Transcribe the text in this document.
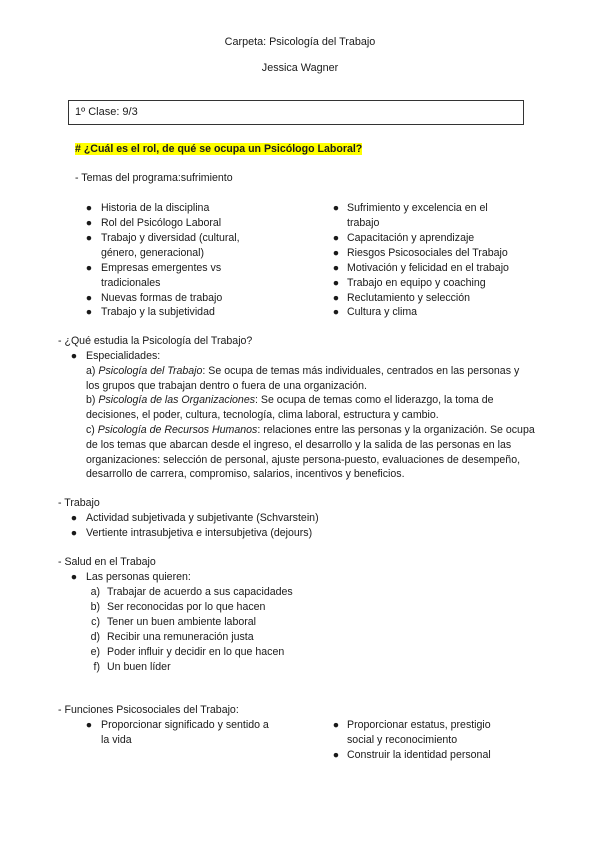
Carpeta: Psicología del Trabajo
Jessica Wagner
1º Clase: 9/3
# ¿Cuál es el rol, de qué se ocupa un Psicólogo Laboral?
- Temas del programa:sufrimiento
● Historia de la disciplina
● Rol del Psicólogo Laboral
● Trabajo y diversidad (cultural,
género, generacional)
● Empresas emergentes vs
tradicionales
● Nuevas formas de trabajo
● Trabajo y la subjetividad
● Sufrimiento y excelencia en el
trabajo
● Capacitación y aprendizaje
● Riesgos Psicosociales del Trabajo
● Motivación y felicidad en el trabajo
● Trabajo en equipo y coaching
● Reclutamiento y selección
● Cultura y clima
- ¿Qué estudia la Psicología del Trabajo?
● Especialidades:
a) Psicología del Trabajo: Se ocupa de temas más individuales, centrados en las personas y
los grupos que trabajan dentro o fuera de una organización.
b) Psicología de las Organizaciones: Se ocupa de temas como el liderazgo, la toma de
decisiones, el poder, cultura, tecnología, clima laboral, estructura y cambio.
c) Psicología de Recursos Humanos: relaciones entre las personas y la organización. Se ocupa
de los temas que abarcan desde el ingreso, el desarrollo y la salida de las personas en las
organizaciones: selección de personal, ajuste persona-puesto, evaluaciones de desempeño,
desarrollo de carrera, compromiso, salarios, incentivos y beneficios.
- Trabajo
● Actividad subjetivada y subjetivante (Schvarstein)
● Vertiente intrasubjetiva e intersubjetiva (dejours)
- Salud en el Trabajo
● Las personas quieren:
a) Trabajar de acuerdo a sus capacidades
b) Ser reconocidas por lo que hacen
c) Tener un buen ambiente laboral
d) Recibir una remuneración justa
e) Poder influir y decidir en lo que hacen
f) Un buen líder
- Funciones Psicosociales del Trabajo:
● Proporcionar significado y sentido a
la vida
● Proporcionar estatus, prestigio
social y reconocimiento
● Construir la identidad personal
